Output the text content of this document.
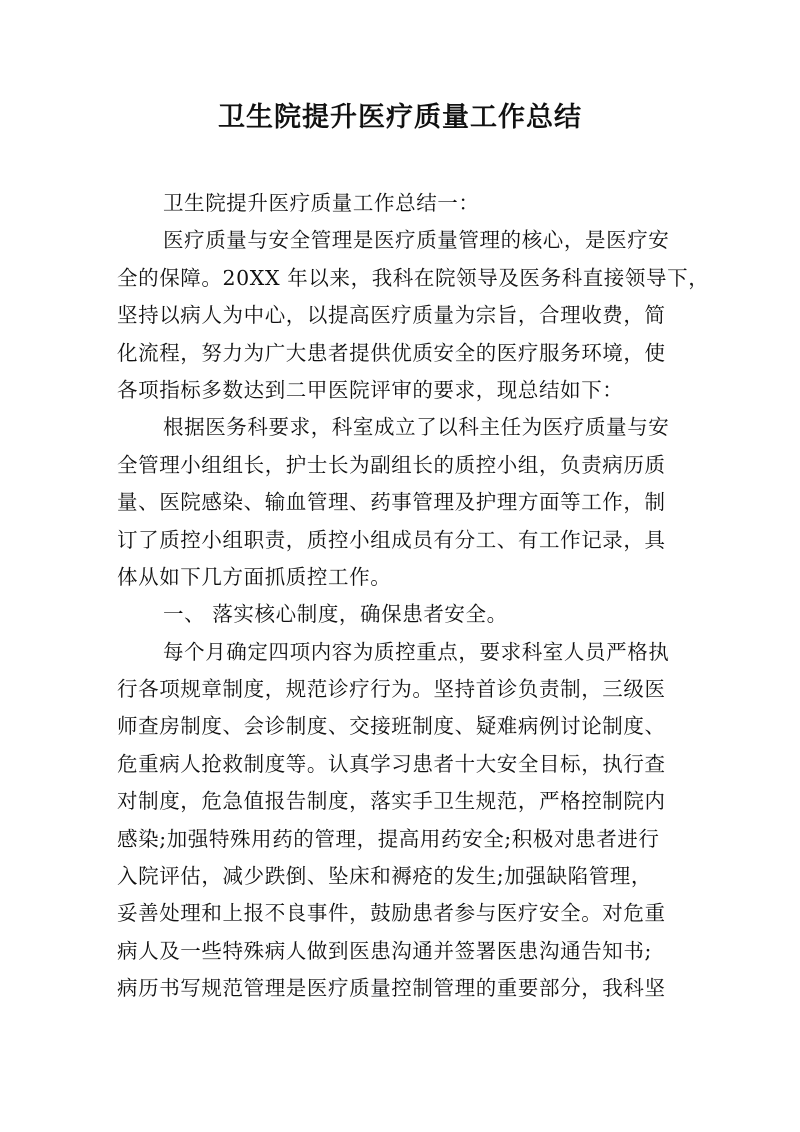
卫生院提升医疗质量工作总结
卫生院提升医疗质量工作总结一：
医疗质量与安全管理是医疗质量管理的核心，是医疗安
全的保障。20XX 年以来，我科在院领导及医务科直接领导下，
坚持以病人为中心，以提高医疗质量为宗旨，合理收费，简
化流程，努力为广大患者提供优质安全的医疗服务环境，使
各项指标多数达到二甲医院评审的要求，现总结如下：
根据医务科要求，科室成立了以科主任为医疗质量与安
全管理小组组长，护士长为副组长的质控小组，负责病历质
量、医院感染、输血管理、药事管理及护理方面等工作，制
订了质控小组职责，质控小组成员有分工、有工作记录，具
体从如下几方面抓质控工作。
一、 落实核心制度，确保患者安全。
每个月确定四项内容为质控重点，要求科室人员严格执
行各项规章制度，规范诊疗行为。坚持首诊负责制，三级医
师查房制度、会诊制度、交接班制度、疑难病例讨论制度、
危重病人抢救制度等。认真学习患者十大安全目标，执行查
对制度，危急值报告制度，落实手卫生规范，严格控制院内
感染;加强特殊用药的管理，提高用药安全;积极对患者进行
入院评估，减少跌倒、坠床和褥疮的发生;加强缺陷管理，
妥善处理和上报不良事件，鼓励患者参与医疗安全。对危重
病人及一些特殊病人做到医患沟通并签署医患沟通告知书;
病历书写规范管理是医疗质量控制管理的重要部分，我科坚
